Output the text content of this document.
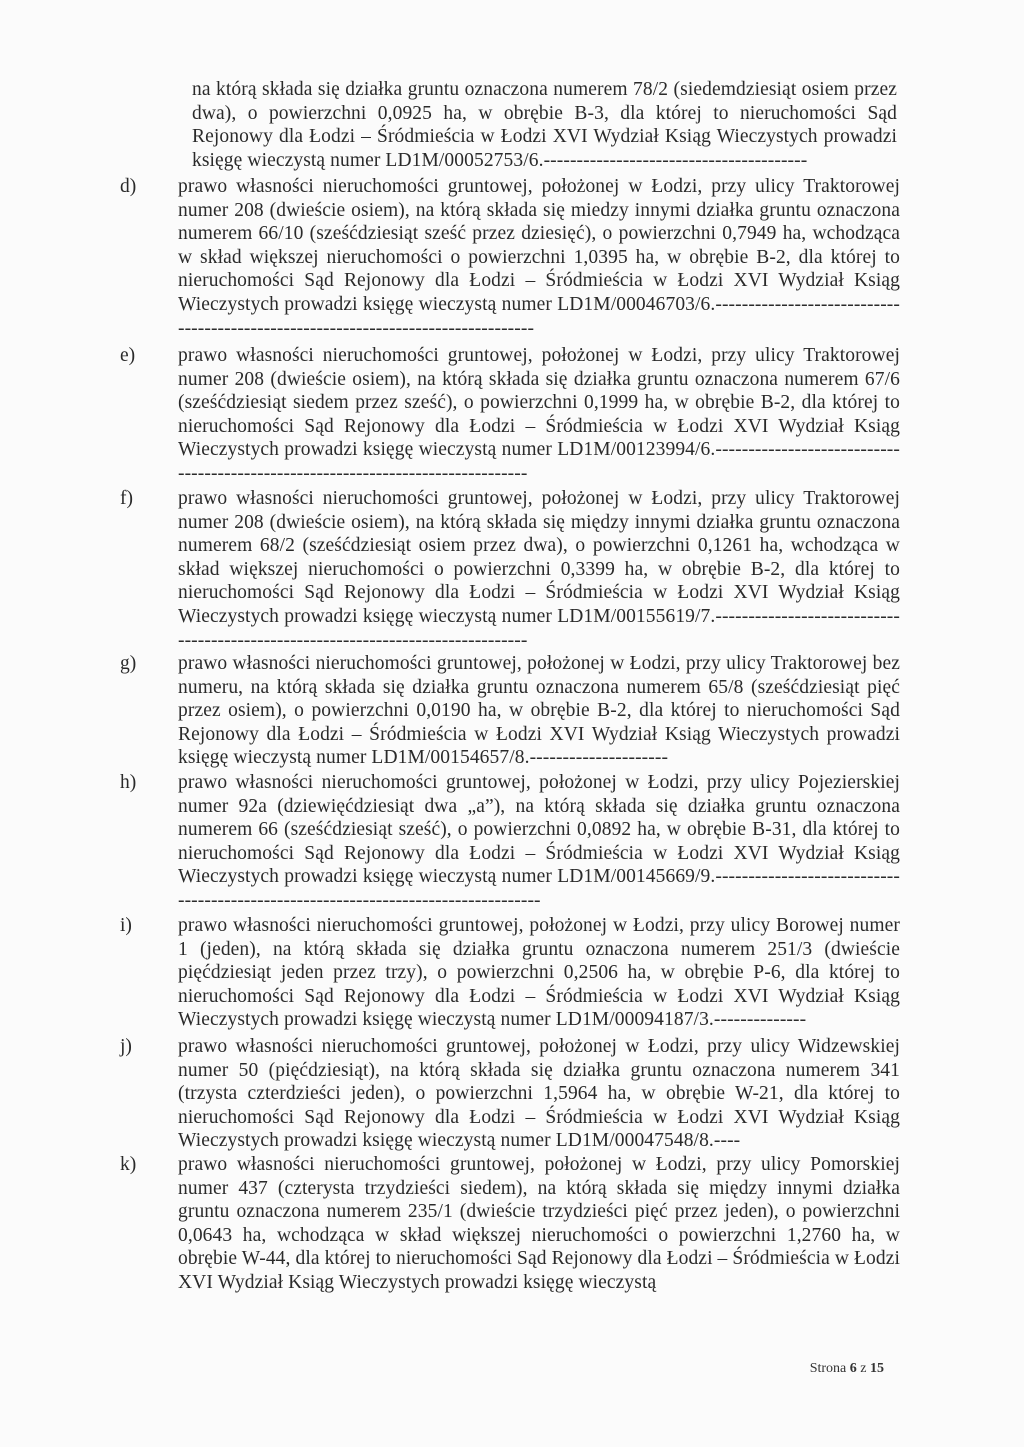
na którą składa się działka gruntu oznaczona numerem 78/2 (siedemdziesiąt osiem przez dwa), o powierzchni 0,0925 ha, w obrębie B-3, dla której to nieruchomości Sąd Rejonowy dla Łodzi – Śródmieścia w Łodzi XVI Wydział Ksiąg Wieczystych prowadzi księgę wieczystą numer LD1M/00052753/6.----------------------------------------
d)	prawo własności nieruchomości gruntowej, położonej w Łodzi, przy ulicy Traktorowej numer 208 (dwieście osiem), na którą składa się miedzy innymi działka gruntu oznaczona numerem 66/10 (sześćdziesiąt sześć przez dziesięć), o powierzchni 0,7949 ha, wchodząca w skład większej nieruchomości o powierzchni 1,0395 ha, w obrębie B-2, dla której to nieruchomości Sąd Rejonowy dla Łodzi – Śródmieścia w Łodzi XVI Wydział Ksiąg Wieczystych prowadzi księgę wieczystą numer LD1M/00046703/6.----------------------------------------------------------------------------------
e)	prawo własności nieruchomości gruntowej, położonej w Łodzi, przy ulicy Traktorowej numer 208 (dwieście osiem), na którą składa się działka gruntu oznaczona numerem 67/6 (sześćdziesiąt siedem przez sześć), o powierzchni 0,1999 ha, w obrębie B-2, dla której to nieruchomości Sąd Rejonowy dla Łodzi – Śródmieścia w Łodzi XVI Wydział Ksiąg Wieczystych prowadzi księgę wieczystą numer LD1M/00123994/6.---------------------------------------------------------------------------------
f)	prawo własności nieruchomości gruntowej, położonej w Łodzi, przy ulicy Traktorowej numer 208 (dwieście osiem), na którą składa się między innymi działka gruntu oznaczona numerem 68/2 (sześćdziesiąt osiem przez dwa), o powierzchni 0,1261 ha, wchodząca w skład większej nieruchomości o powierzchni 0,3399 ha, w obrębie B-2, dla której to nieruchomości Sąd Rejonowy dla Łodzi – Śródmieścia w Łodzi XVI Wydział Ksiąg Wieczystych prowadzi księgę wieczystą numer LD1M/00155619/7.---------------------------------------------------------------------------------
g)	prawo własności nieruchomości gruntowej, położonej w Łodzi, przy ulicy Traktorowej bez numeru, na którą składa się działka gruntu oznaczona numerem 65/8 (sześćdziesiąt pięć przez osiem), o powierzchni 0,0190 ha, w obrębie B-2, dla której to nieruchomości Sąd Rejonowy dla Łodzi – Śródmieścia w Łodzi XVI Wydział Ksiąg Wieczystych prowadzi księgę wieczystą numer LD1M/00154657/8.---------------------
h)	prawo własności nieruchomości gruntowej, położonej w Łodzi, przy ulicy Pojezierskiej numer 92a (dziewięćdziesiąt dwa „a”), na którą składa się działka gruntu oznaczona numerem 66 (sześćdziesiąt sześć), o powierzchni 0,0892 ha, w obrębie B-31, dla której to nieruchomości Sąd Rejonowy dla Łodzi – Śródmieścia w Łodzi XVI Wydział Ksiąg Wieczystych prowadzi księgę wieczystą numer LD1M/00145669/9.-----------------------------------------------------------------------------------
i)	prawo własności nieruchomości gruntowej, położonej w Łodzi, przy ulicy Borowej numer 1 (jeden), na którą składa się działka gruntu oznaczona numerem 251/3 (dwieście pięćdziesiąt jeden przez trzy), o powierzchni 0,2506 ha, w obrębie P-6, dla której to nieruchomości Sąd Rejonowy dla Łodzi – Śródmieścia w Łodzi XVI Wydział Ksiąg Wieczystych prowadzi księgę wieczystą numer LD1M/00094187/3.--------------
j)	prawo własności nieruchomości gruntowej, położonej w Łodzi, przy ulicy Widzewskiej numer 50 (pięćdziesiąt), na którą składa się działka gruntu oznaczona numerem 341 (trzysta czterdzieści jeden), o powierzchni 1,5964 ha, w obrębie W-21, dla której to nieruchomości Sąd Rejonowy dla Łodzi – Śródmieścia w Łodzi XVI Wydział Ksiąg Wieczystych prowadzi księgę wieczystą numer LD1M/00047548/8.----
k)	prawo własności nieruchomości gruntowej, położonej w Łodzi, przy ulicy Pomorskiej numer 437 (czterysta trzydzieści siedem), na którą składa się między innymi działka gruntu oznaczona numerem 235/1 (dwieście trzydzieści pięć przez jeden), o powierzchni 0,0643 ha, wchodząca w skład większej nieruchomości o powierzchni 1,2760 ha, w obrębie W-44, dla której to nieruchomości Sąd Rejonowy dla Łodzi – Śródmieścia w Łodzi XVI Wydział Ksiąg Wieczystych prowadzi księgę wieczystą
Strona 6 z 15
